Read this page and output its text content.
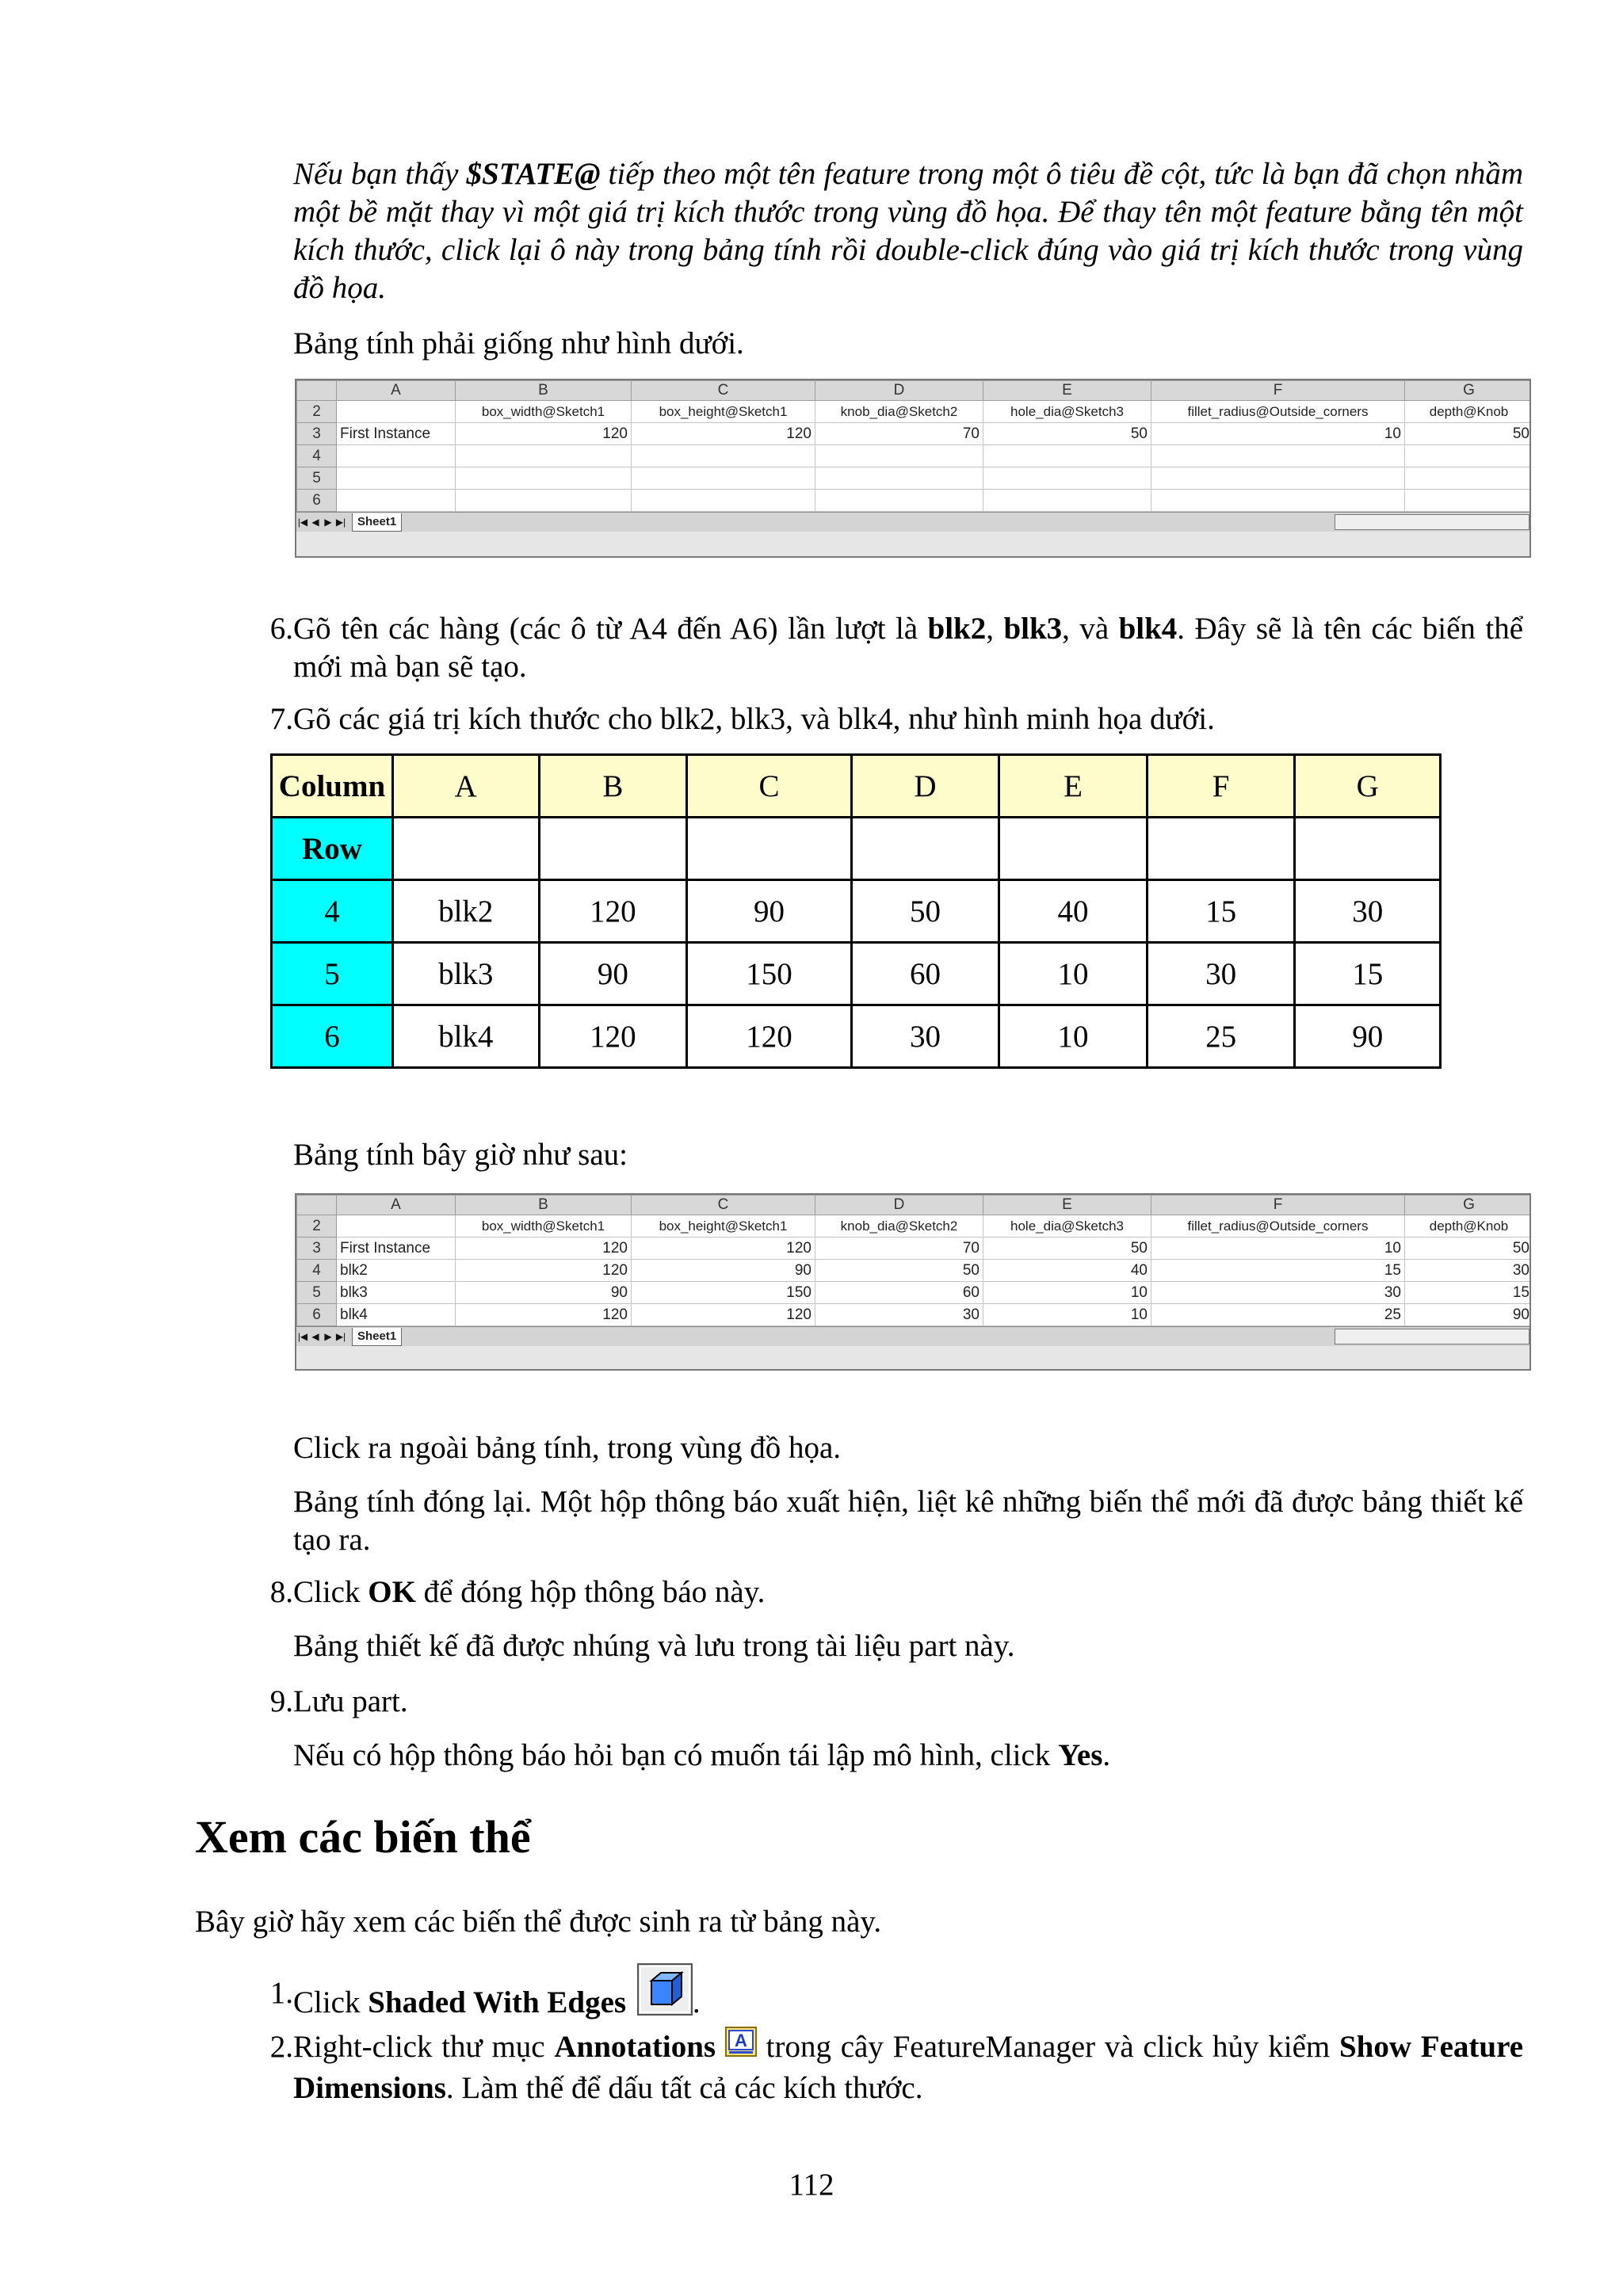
Nếu bạn thấy $STATE@ tiếp theo một tên feature trong một ô tiêu đề cột, tức là bạn đã chọn nhầm một bề mặt thay vì một giá trị kích thước trong vùng đồ họa. Để thay tên một feature bằng tên một kích thước, click lại ô này trong bảng tính rồi double-click đúng vào giá trị kích thước trong vùng đồ họa.

Bảng tính phải giống như hình dưới.

	A	B	C	D	E	F	G
2		box_width@Sketch1	box_height@Sketch1	knob_dia@Sketch2	hole_dia@Sketch3	fillet_radius@Outside_corners	depth@Knob
3	First Instance	120	120	70	50	10	50
4							
5							
6							
|◀ ◀ ▶ ▶| Sheet1
6. Gõ tên các hàng (các ô từ A4 đến A6) lần lượt là blk2, blk3, và blk4. Đây sẽ là tên các biến thể mới mà bạn sẽ tạo.

7. Gõ các giá trị kích thước cho blk2, blk3, và blk4, như hình minh họa dưới.

Column	A	B	C	D	E	F	G
Row							
4	blk2	120	90	50	40	15	30
5	blk3	90	150	60	10	30	15
6	blk4	120	120	30	10	25	90

Bảng tính bây giờ như sau:

	A	B	C	D	E	F	G
2		box_width@Sketch1	box_height@Sketch1	knob_dia@Sketch2	hole_dia@Sketch3	fillet_radius@Outside_corners	depth@Knob
3	First Instance	120	120	70	50	10	50
4	blk2	120	90	50	40	15	30
5	blk3	90	150	60	10	30	15
6	blk4	120	120	30	10	25	90
|◀ ◀ ▶ ▶| Sheet1

Click ra ngoài bảng tính, trong vùng đồ họa.

Bảng tính đóng lại. Một hộp thông báo xuất hiện, liệt kê những biến thể mới đã được bảng thiết kế tạo ra.

8. Click OK để đóng hộp thông báo này.

Bảng thiết kế đã được nhúng và lưu trong tài liệu part này.

9. Lưu part.

Nếu có hộp thông báo hỏi bạn có muốn tái lập mô hình, click Yes.

Xem các biến thể

Bây giờ hãy xem các biến thể được sinh ra từ bảng này.

1. Click Shaded With Edges .

2. Right-click thư mục Annotations A trong cây FeatureManager và click hủy kiểm Show Feature Dimensions. Làm thế để dấu tất cả các kích thước.

112
